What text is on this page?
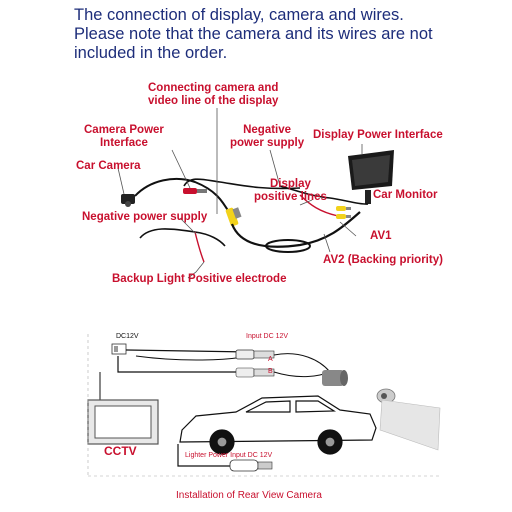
The connection of display, camera and wires.
Please note that the camera and its wires are not
included in the order.
Connecting camera and
video line of the display
Camera Power
Interface
Car Camera
Negative
power supply
Display Power Interface
Display
positive lines	Car Monitor
Negative power supply
AV1
AV2 (Backing priority)
Backup Light Positive electrode
DC12V	Input DC 12V
A
B
CCTV	Lighter Power Input DC 12V
Installation of Rear View Camera
